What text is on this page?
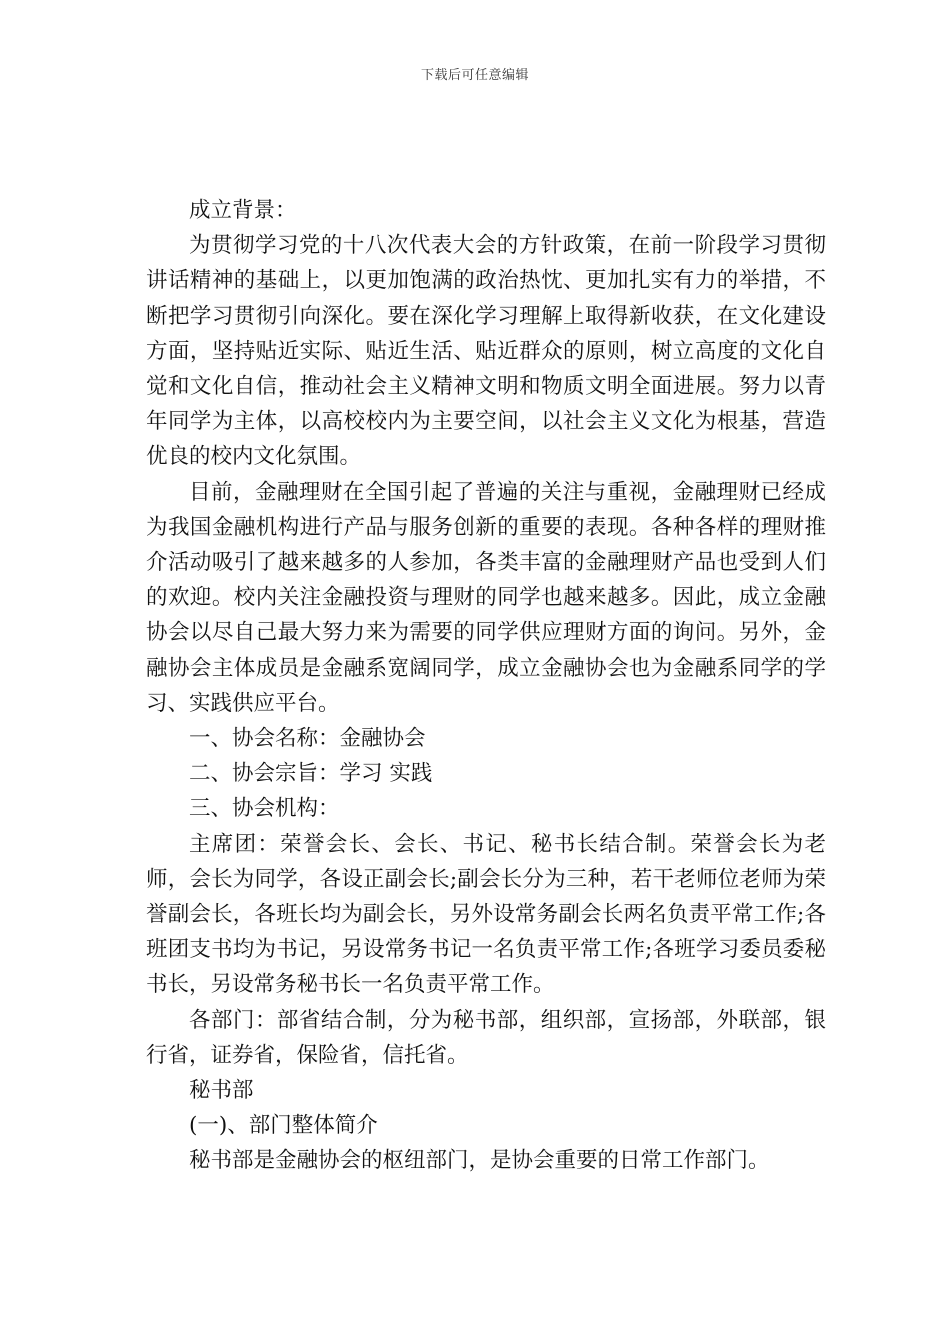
下载后可任意编辑

成立背景：

为贯彻学习党的十八次代表大会的方针政策，在前一阶段学习贯彻讲话精神的基础上，以更加饱满的政治热忱、更加扎实有力的举措，不断把学习贯彻引向深化。要在深化学习理解上取得新收获，在文化建设方面，坚持贴近实际、贴近生活、贴近群众的原则，树立高度的文化自觉和文化自信，推动社会主义精神文明和物质文明全面进展。努力以青年同学为主体，以高校校内为主要空间，以社会主义文化为根基，营造优良的校内文化氛围。

目前，金融理财在全国引起了普遍的关注与重视，金融理财已经成为我国金融机构进行产品与服务创新的重要的表现。各种各样的理财推介活动吸引了越来越多的人参加，各类丰富的金融理财产品也受到人们的欢迎。校内关注金融投资与理财的同学也越来越多。因此，成立金融协会以尽自己最大努力来为需要的同学供应理财方面的询问。另外，金融协会主体成员是金融系宽阔同学，成立金融协会也为金融系同学的学习、实践供应平台。

一、协会名称：金融协会

二、协会宗旨：学习 实践

三、协会机构：

主席团：荣誉会长、会长、书记、秘书长结合制。荣誉会长为老师，会长为同学，各设正副会长;副会长分为三种，若干老师位老师为荣誉副会长，各班长均为副会长，另外设常务副会长两名负责平常工作;各班团支书均为书记，另设常务书记一名负责平常工作;各班学习委员委秘书长，另设常务秘书长一名负责平常工作。

各部门：部省结合制，分为秘书部，组织部，宣扬部，外联部，银行省，证券省，保险省，信托省。

秘书部

(一)、部门整体简介

秘书部是金融协会的枢纽部门，是协会重要的日常工作部门。
